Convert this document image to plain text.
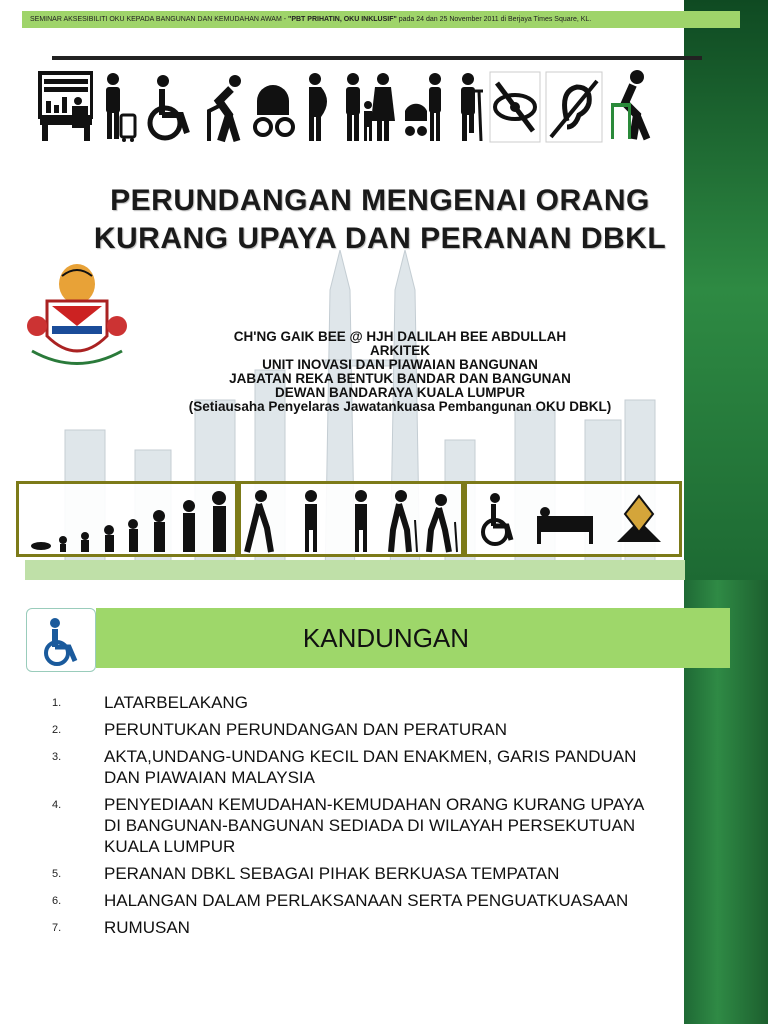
SEMINAR AKSESIBILITI OKU KEPADA BANGUNAN DAN KEMUDAHAN AWAM - "PBT PRIHATIN, OKU INKLUSIF" pada 24 dan 25 November 2011 di Berjaya Times Square, KL.
PERUNDANGAN MENGENAI ORANG
KURANG UPAYA DAN PERANAN DBKL
CH'NG GAIK BEE @ HJH DALILAH BEE ABDULLAH
ARKITEK
UNIT INOVASI DAN PIAWAIAN BANGUNAN
JABATAN REKA BENTUK BANDAR DAN BANGUNAN
DEWAN BANDARAYA KUALA LUMPUR
(Setiausaha Penyelaras Jawatankuasa Pembangunan OKU DBKL)
KANDUNGAN
1.	LATARBELAKANG
2.	PERUNTUKAN PERUNDANGAN DAN PERATURAN
3.	AKTA,UNDANG-UNDANG KECIL DAN ENAKMEN, GARIS PANDUAN DAN PIAWAIAN MALAYSIA
4.	PENYEDIAAN KEMUDAHAN-KEMUDAHAN ORANG KURANG UPAYA DI BANGUNAN-BANGUNAN SEDIADA DI WILAYAH PERSEKUTUAN KUALA LUMPUR
5.	PERANAN DBKL SEBAGAI PIHAK BERKUASA TEMPATAN
6.	HALANGAN DALAM PERLAKSANAAN SERTA PENGUATKUASAAN
7.	RUMUSAN
